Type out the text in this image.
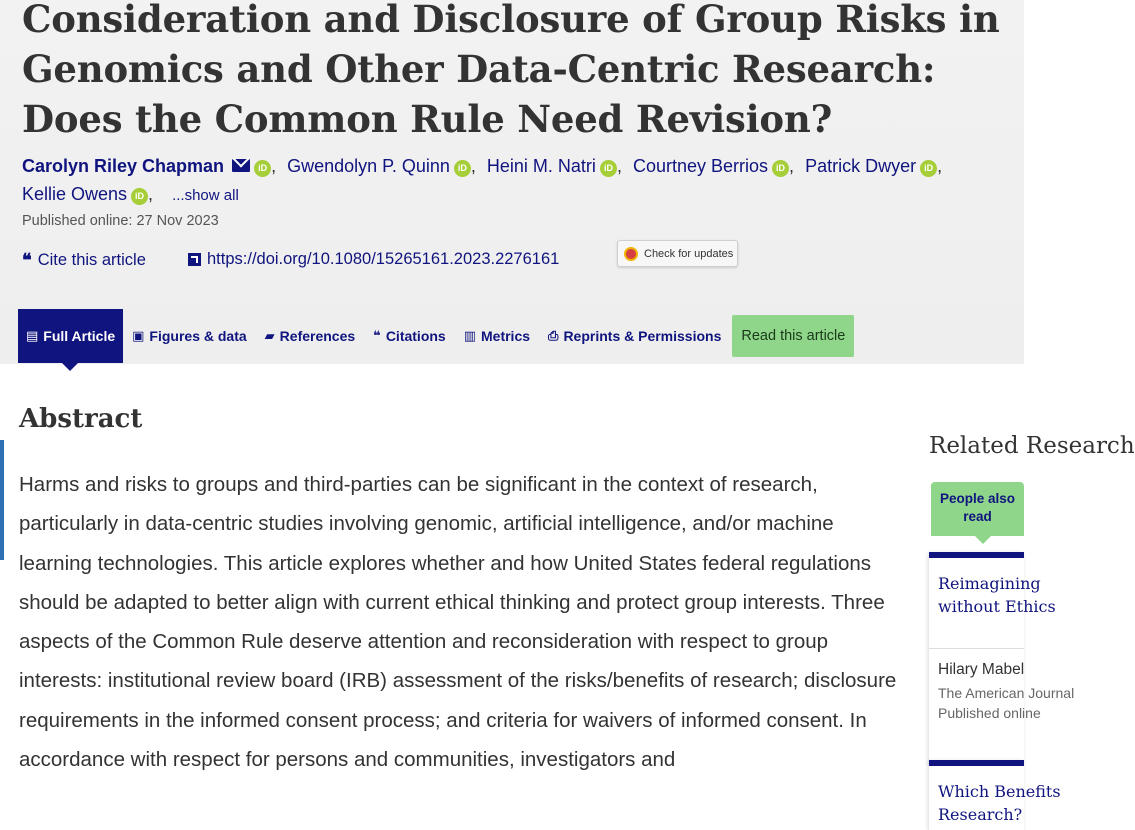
Consideration and Disclosure of Group Risks in Genomics and Other Data-Centric Research: Does the Common Rule Need Revision?
Carolyn Riley Chapman	iD , Gwendolyn P. Quinn iD , Heini M. Natri iD , Courtney Berrios iD , Patrick Dwyer iD ,
Kellie Owens iD , ...show all
Published online: 27 Nov 2023
❝ Cite this article	https://doi.org/10.1080/15265161.2023.2276161	Check for updates
▤ Full Article ▣ Figures & data ▰ References ❝ Citations ▥ Metrics ⎙ Reprints & Permissions	Read this article
Abstract

Harms and risks to groups and third-parties can be significant in the context of research, particularly in data-centric studies involving genomic, artificial intelligence, and/or machine learning technologies. This article explores whether and how United States federal regulations should be adapted to better align with current ethical thinking and protect group interests. Three aspects of the Common Rule deserve attention and reconsideration with respect to group interests: institutional review board (IRB) assessment of the risks/benefits of research; disclosure requirements in the informed consent process; and criteria for waivers of informed consent. In accordance with respect for persons and communities, investigators and

Related Research
People also read
Reimagining
without Ethics
Hilary Mabel
The American Journal
Published online
Which Benefits
Research?
